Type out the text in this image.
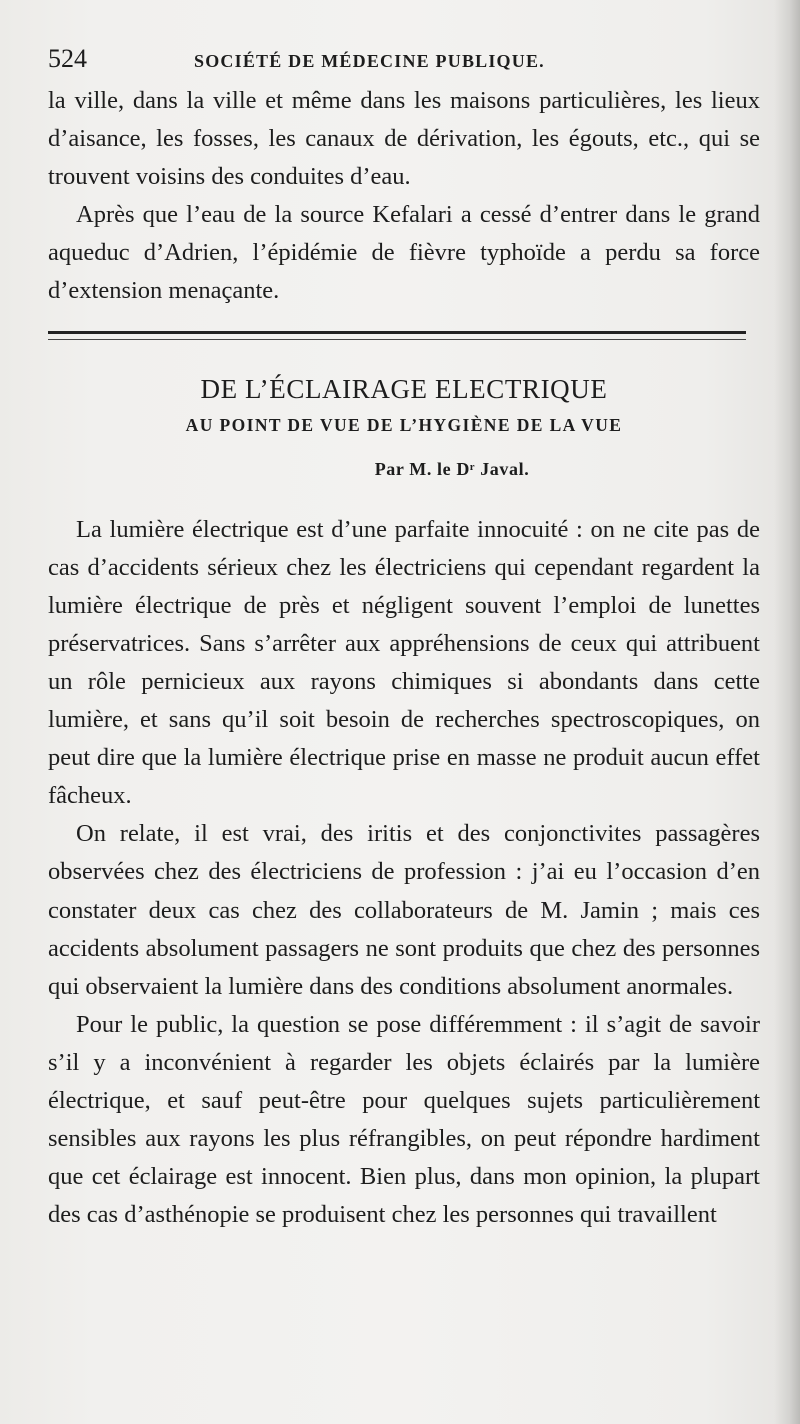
524	SOCIÉTÉ DE MÉDECINE PUBLIQUE.

la ville, dans la ville et même dans les maisons particulières, les lieux d’aisance, les fosses, les canaux de dérivation, les égouts, etc., qui se trouvent voisins des conduites d’eau.

Après que l’eau de la source Kefalari a cessé d’entrer dans le grand aqueduc d’Adrien, l’épidémie de fièvre typhoïde a perdu sa force d’extension menaçante.

DE L’ÉCLAIRAGE ELECTRIQUE
AU POINT DE VUE DE L’HYGIÈNE DE LA VUE
Par M. le Dʳ Javal.

La lumière électrique est d’une parfaite innocuité : on ne cite pas de cas d’accidents sérieux chez les électriciens qui cependant regardent la lumière électrique de près et négligent souvent l’emploi de lunettes préservatrices. Sans s’arrêter aux appréhensions de ceux qui attribuent un rôle pernicieux aux rayons chimiques si abondants dans cette lumière, et sans qu’il soit besoin de recherches spectroscopiques, on peut dire que la lumière électrique prise en masse ne produit aucun effet fâcheux.

On relate, il est vrai, des iritis et des conjonctivites passagères observées chez des électriciens de profession : j’ai eu l’occasion d’en constater deux cas chez des collaborateurs de M. Jamin ; mais ces accidents absolument passagers ne sont produits que chez des personnes qui observaient la lumière dans des conditions absolument anormales.

Pour le public, la question se pose différemment : il s’agit de savoir s’il y a inconvénient à regarder les objets éclairés par la lumière électrique, et sauf peut-être pour quelques sujets particulièrement sensibles aux rayons les plus réfrangibles, on peut répondre hardiment que cet éclairage est innocent. Bien plus, dans mon opinion, la plupart des cas d’asthénopie se produisent chez les personnes qui travaillent
